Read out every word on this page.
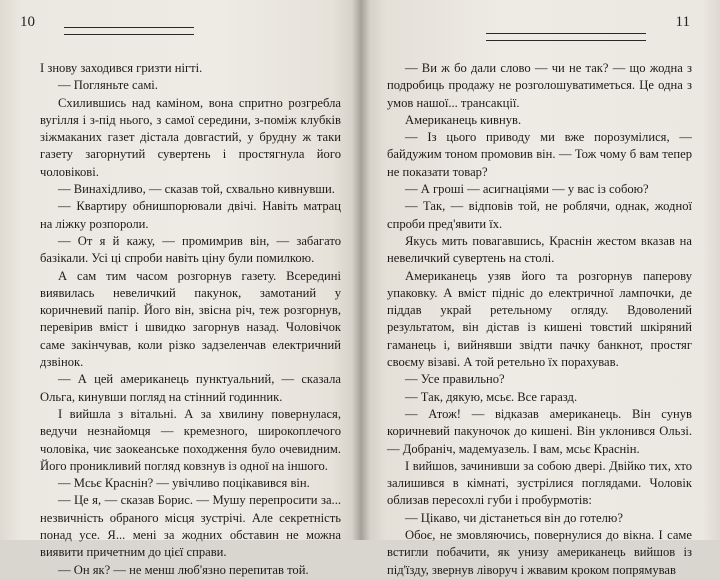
І знову заходився гризти нігті.

— Погляньте самі.

Схилившись над каміном, вона спритно розгребла вугілля і з-під нього, з самої середини, з-поміж клубків зіжмаканих газет дістала довгастий, у брудну ж таки газету загорнутий сувертень і простягнула його чоловікові.

— Винахідливо, — сказав той, схвально кивнувши.

— Квартиру обнишпорювали двічі. Навіть матрац на ліжку розпороли.

— От я й кажу, — промимрив він, — забагато базікали. Усі ці спроби навіть ціну були помилкою.

А сам тим часом розгорнув газету. Всередині виявилась невеличкий пакунок, замотаний у коричневий папір. Його він, звісна річ, теж розгорнув, перевірив вміст і швидко загорнув назад. Чоловічок саме закінчував, коли різко задзеленчав електричний дзвінок.

— А цей американець пунктуальний, — сказала Ольга, кинувши погляд на стінний годинник.

І вийшла з вітальні. А за хвилину повернулася, ведучи незнайомця — кремезного, широкоплечого чоловіка, чиє заокеанське походження було очевидним. Його проникливий погляд ковзнув із одної на іншого.

— Мсьє Краснін? — увічливо поцікавився він.

— Це я, — сказав Борис. — Мушу перепросити за... незвичність обраного місця зустрічі. Але секретність понад усе. Я... мені за жодних обставин не можна виявити причетним до цієї справи.

— Он як? — не менш люб'язно перепитав той.

— Ви ж бо дали слово — чи не так? — що жодна з подробиць продажу не розголошуватиметься. Це одна з умов нашої... трансакції.

Американець кивнув.

— Із цього приводу ми вже порозумілися, — байдужим тоном промовив він. — Тож чому б вам тепер не показати товар?

— А гроші — асигнаціями — у вас із собою?

— Так, — відповів той, не роблячи, однак, жодної спроби пред'явити їх.

Якусь мить повагавшись, Краснін жестом вказав на невеличкий сувертень на столі.

Американець узяв його та розгорнув паперову упаковку. А вміст підніс до електричної лампочки, де піддав украй ретельному огляду. Вдоволений результатом, він дістав із кишені товстий шкіряний гаманець і, вийнявши звідти пачку банкнот, простяг своєму візаві. А той ретельно їх порахував.

— Усе правильно?

— Так, дякую, мсьє. Все гаразд.

— Атож! — відказав американець. Він сунув коричневий пакуночок до кишені. Він уклонився Ользі. — Добраніч, мадемуазель. І вам, мсьє Краснін.

І вийшов, зачинивши за собою двері. Двійко тих, хто залишився в кімнаті, зустрілися поглядами. Чоловік облизав пересохлі губи і пробурмотів:

— Цікаво, чи дістанеться він до готелю?

Обоє, не змовляючись, повернулися до вікна. І саме встигли побачити, як унизу американець вийшов із під'їзду, звернув ліворуч і жвавим кроком попрямував

10	11
